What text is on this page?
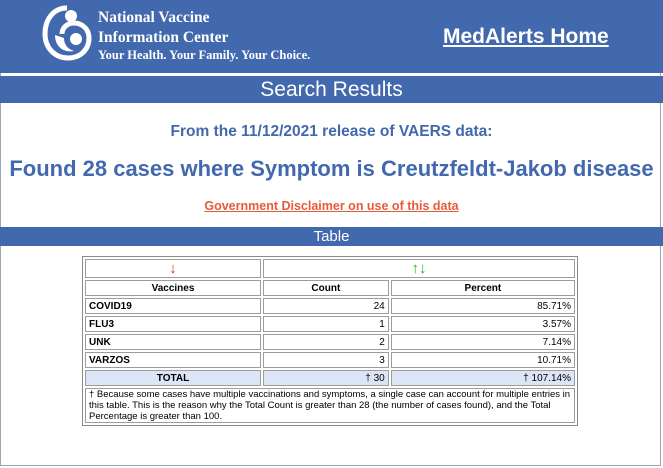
National Vaccine
Information Center
Your Health. Your Family. Your Choice.
MedAlerts Home
Search Results
From the 11/12/2021 release of VAERS data:
Found 28 cases where Symptom is Creutzfeldt-Jakob disease
Government Disclaimer on use of this data
Table
↓	↑↓	
Vaccines	Count	Percent
COVID19	24	85.71%
FLU3	1	3.57%
UNK	2	7.14%
VARZOS	3	10.71%
TOTAL	† 30	† 107.14%
† Because some cases have multiple vaccinations and symptoms, a single case can account for multiple entries in this table. This is the reason why the Total Count is greater than 28 (the number of cases found), and the Total Percentage is greater than 100.		
